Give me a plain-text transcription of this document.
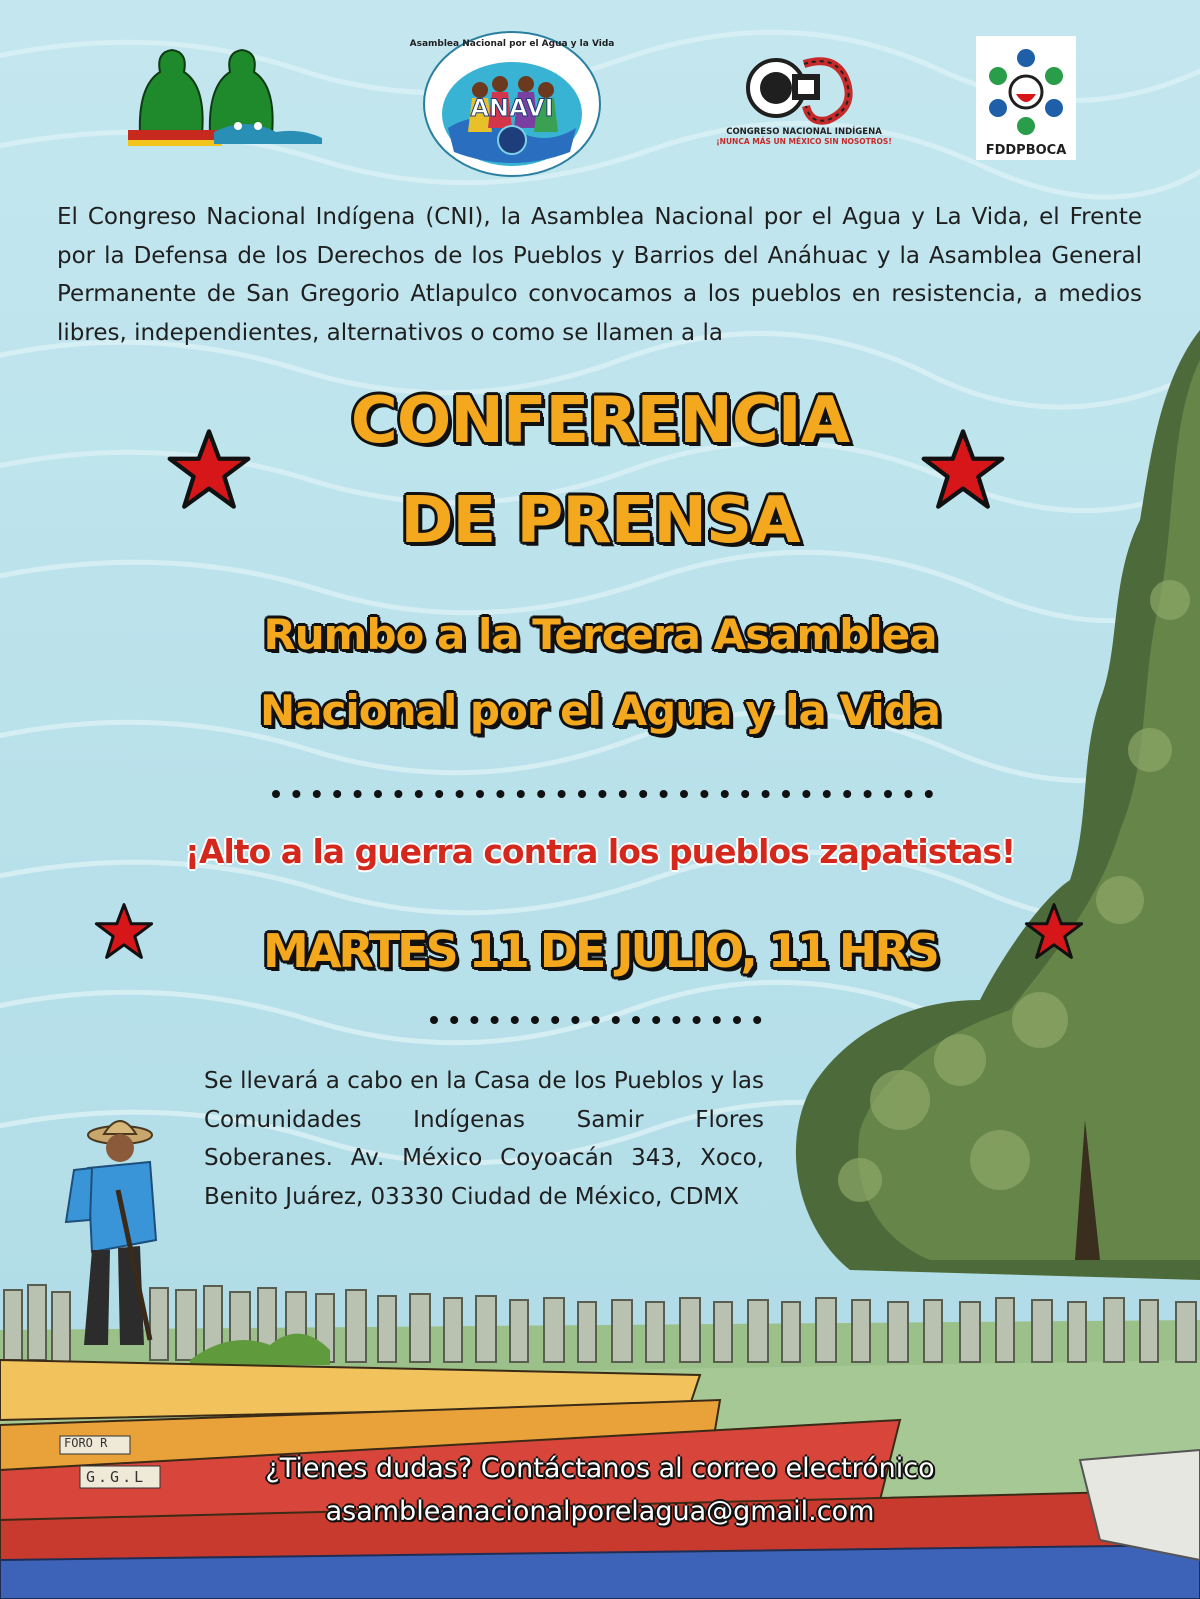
ANAVI
Asamblea Nacional por el Agua y la Vida
CONGRESO NACIONAL INDÍGENA
¡NUNCA MÁS UN MÉXICO SIN NOSOTROS!
FDDPBOCA
El Congreso Nacional Indígena (CNI), la Asamblea Nacional por el Agua y La Vida, el Frente por la Defensa de los Derechos de los Pueblos y Barrios del Anáhuac y la Asamblea General Permanente de San Gregorio Atlapulco convocamos a los pueblos en resistencia, a medios libres, independientes, alternativos o como se llamen a la
CONFERENCIA
DE PRENSA
Rumbo a la Tercera Asamblea
Nacional por el Agua y la Vida
¡Alto a la guerra contra los pueblos zapatistas!
MARTES 11 DE JULIO, 11 HRS
Se llevará a cabo en la Casa de los Pueblos y las Comunidades Indígenas Samir Flores Soberanes. Av. México Coyoacán 343, Xoco, Benito Juárez, 03330 Ciudad de México, CDMX
FORO R
G.G.L	¿Tienes dudas? Contáctanos al correo electrónico
asambleanacionalporelagua@gmail.com
